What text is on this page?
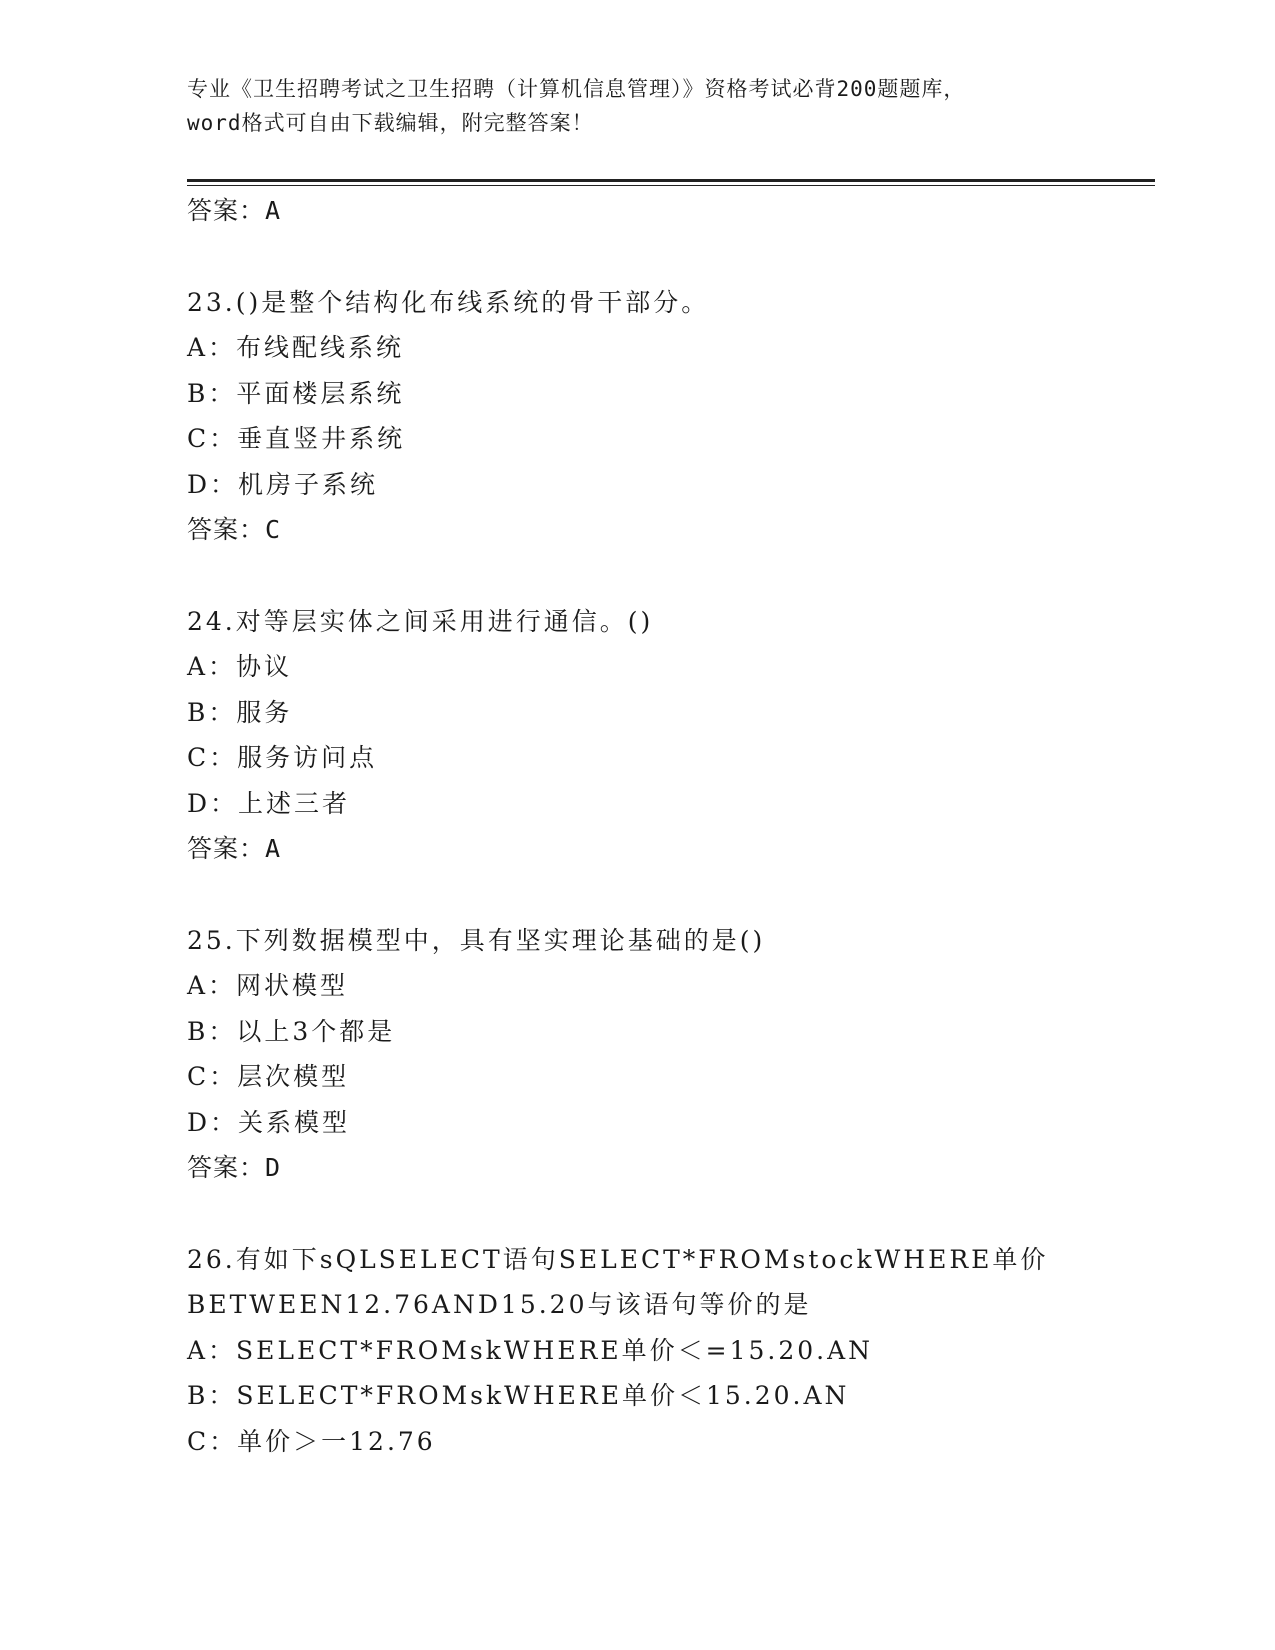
专业《卫生招聘考试之卫生招聘（计算机信息管理）》资格考试必背200题题库，
word格式可自由下载编辑，附完整答案！
答案：A
23.()是整个结构化布线系统的骨干部分。
A：布线配线系统
B：平面楼层系统
C：垂直竖井系统
D：机房子系统
答案：C
24.对等层实体之间采用进行通信。()
A：协议
B：服务
C：服务访问点
D：上述三者
答案：A
25.下列数据模型中，具有坚实理论基础的是()
A：网状模型
B：以上3个都是
C：层次模型
D：关系模型
答案：D
26.有如下sQLSELECT语句SELECT*FROMstockWHERE单价
BETWEEN12.76AND15.20与该语句等价的是
A：SELECT*FROMskWHERE单价＜=15.20.AN
B：SELECT*FROMskWHERE单价＜15.20.AN
C：单价＞一12.76
